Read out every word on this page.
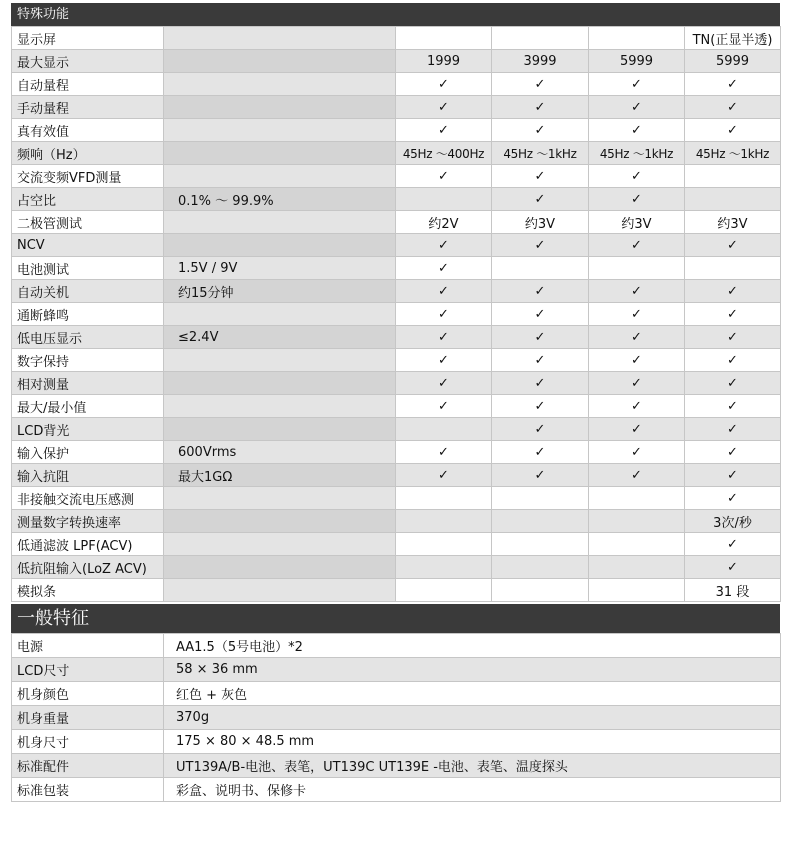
特殊功能
显示屏					TN(正显半透)
最大显示		1999	3999	5999	5999
自动量程		✓	✓	✓	✓
手动量程		✓	✓	✓	✓
真有效值		✓	✓	✓	✓
频响（Hz）		45Hz ～400Hz	45Hz ～1kHz	45Hz ～1kHz	45Hz ～1kHz
交流变频VFD测量		✓	✓	✓	
占空比	0.1% ～ 99.9%		✓	✓	
二极管测试		约2V	约3V	约3V	约3V
NCV		✓	✓	✓	✓
电池测试	1.5V / 9V	✓			
自动关机	约15分钟	✓	✓	✓	✓
通断蜂鸣		✓	✓	✓	✓
低电压显示	≤2.4V	✓	✓	✓	✓
数字保持		✓	✓	✓	✓
相对测量		✓	✓	✓	✓
最大/最小值		✓	✓	✓	✓
LCD背光			✓	✓	✓
输入保护	600Vrms	✓	✓	✓	✓
输入抗阻	最大1GΩ	✓	✓	✓	✓
非接触交流电压感测					✓
测量数字转换速率					3次/秒
低通滤波 LPF(ACV)					✓
低抗阻输入(LoZ ACV)					✓
模拟条					31 段
一般特征
电源	AA1.5（5号电池）*2
LCD尺寸	58 × 36 mm
机身颜色	红色 + 灰色
机身重量	370g
机身尺寸	175 × 80 × 48.5 mm
标准配件	UT139A/B-电池、表笔，UT139C UT139E -电池、表笔、温度探头
标准包装	彩盒、说明书、保修卡
